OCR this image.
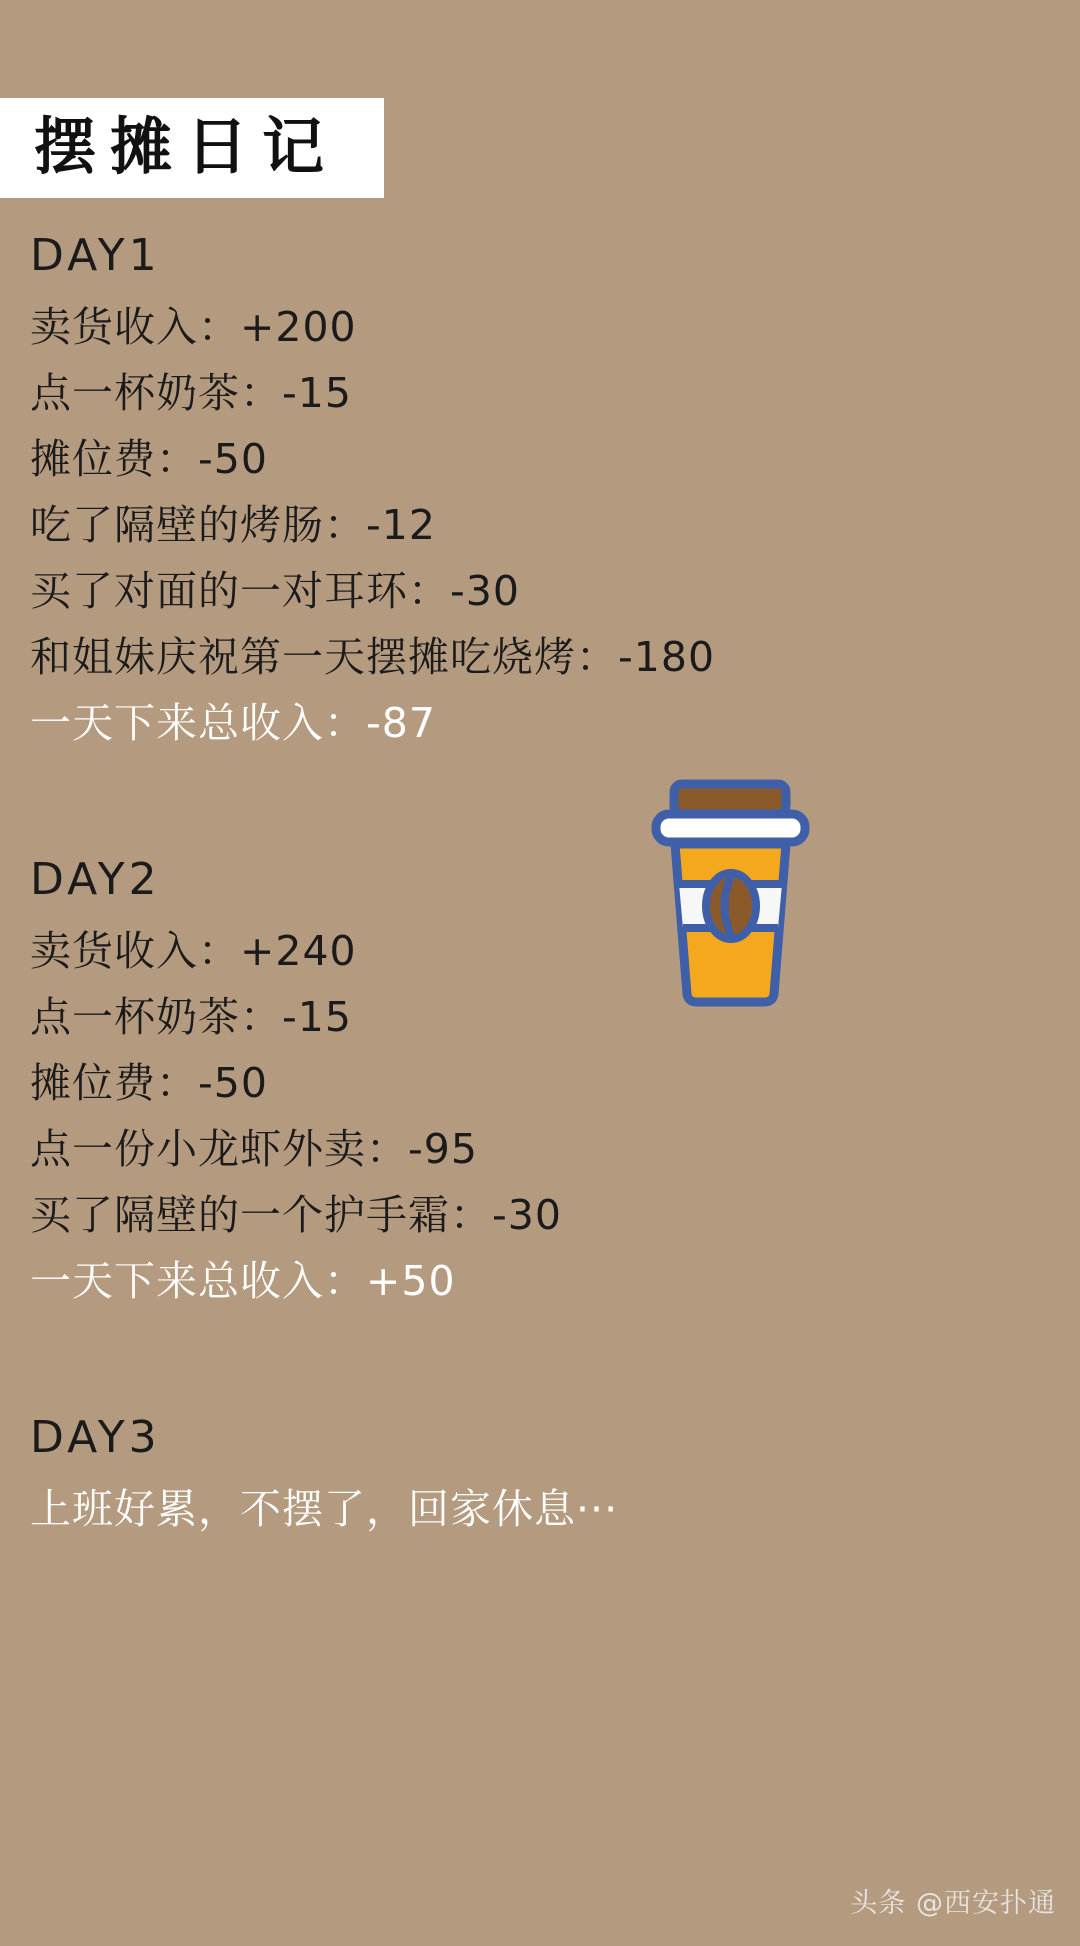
摆摊日记
DAY1
卖货收入：+200
点一杯奶茶：-15
摊位费：-50
吃了隔壁的烤肠：-12
买了对面的一对耳环：-30
和姐妹庆祝第一天摆摊吃烧烤：-180
一天下来总收入：-87
DAY2
卖货收入：+240
点一杯奶茶：-15
摊位费：-50
点一份小龙虾外卖：-95
买了隔壁的一个护手霜：-30
一天下来总收入：+50
DAY3
上班好累，不摆了，回家休息···
头条 @西安扑通
